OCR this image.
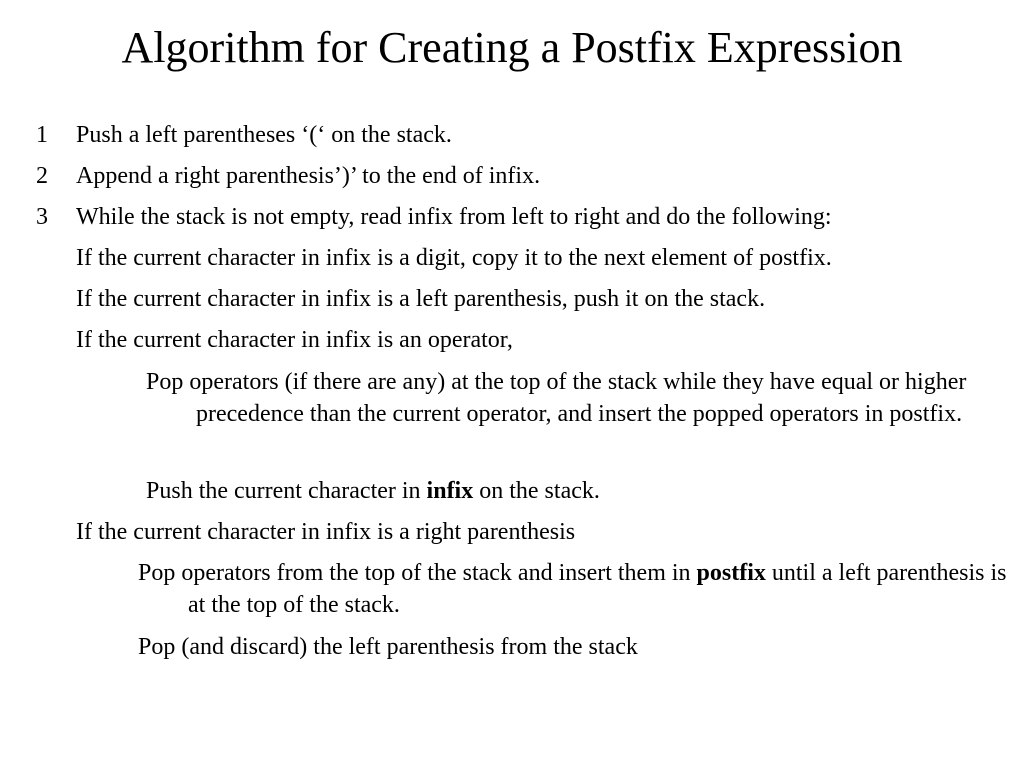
Algorithm for Creating a Postfix Expression
1	Push a left parentheses ‘(‘ on the stack.
2	Append a right parenthesis’)’ to the end of infix.
3	While the stack is not empty, read infix from left to right and do the following:
If the current character in infix is a digit, copy it to the next element of postfix.
If the current character in infix is a left parenthesis, push it on the stack.
If the current character in infix is an operator,
Pop operators (if there are any) at the top of the stack while they have equal or higher precedence than the current operator, and insert the popped operators in postfix.
Push the current character in infix on the stack.
If the current character in infix is a right parenthesis
Pop operators from the top of the stack and insert them in postfix until a left parenthesis is at the top of the stack.
Pop (and discard) the left parenthesis from the stack
